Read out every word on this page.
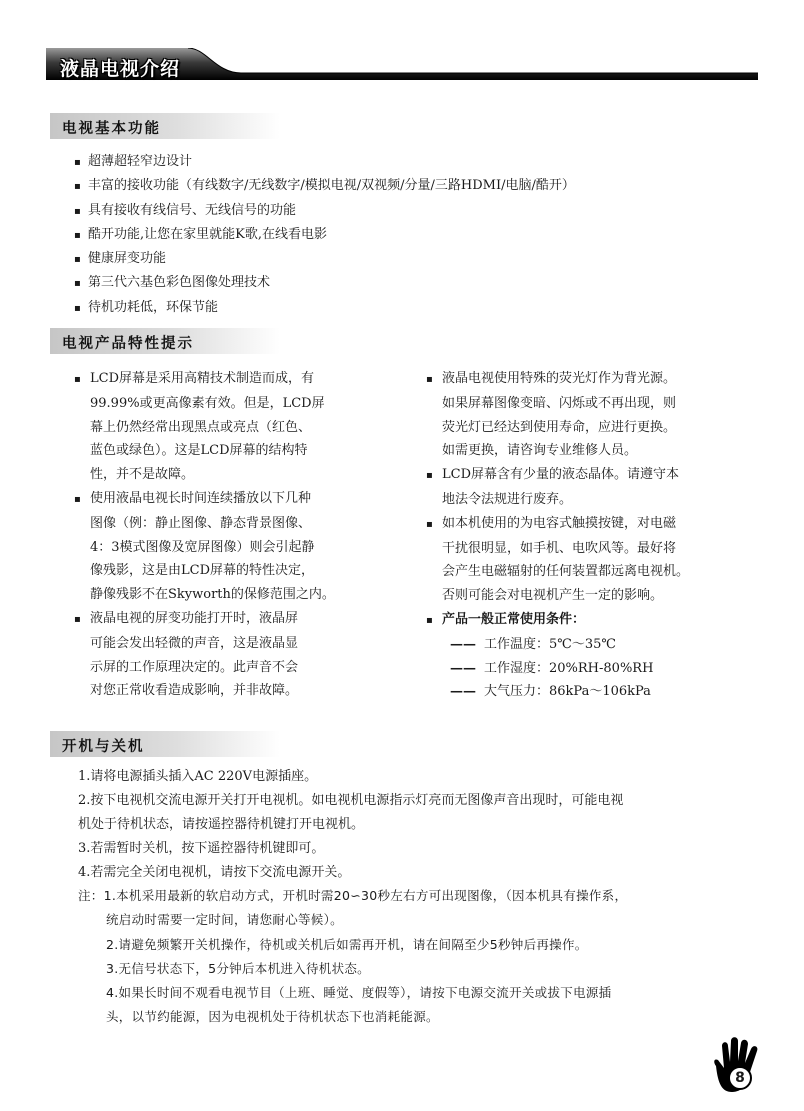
液晶电视介绍
电视基本功能
▪ 超薄超轻窄边设计
▪ 丰富的接收功能（有线数字/无线数字/模拟电视/双视频/分量/三路HDMI/电脑/酷开）
▪ 具有接收有线信号、无线信号的功能
▪ 酷开功能,让您在家里就能K歌,在线看电影
▪ 健康屏变功能
▪ 第三代六基色彩色图像处理技术
▪ 待机功耗低，环保节能
电视产品特性提示

▪ LCD屏幕是采用高精技术制造而成，有
99.99%或更高像素有效。但是，LCD屏
幕上仍然经常出现黑点或亮点（红色、
蓝色或绿色）。这是LCD屏幕的结构特
性，并不是故障。

▪ 使用液晶电视长时间连续播放以下几种
图像（例：静止图像、静态背景图像、
4：3模式图像及宽屏图像）则会引起静
像残影，这是由LCD屏幕的特性决定，
静像残影不在Skyworth的保修范围之内。

▪ 液晶电视的屏变功能打开时，液晶屏
可能会发出轻微的声音，这是液晶显
示屏的工作原理决定的。此声音不会
对您正常收看造成影响，并非故障。

▪ 液晶电视使用特殊的荧光灯作为背光源。
如果屏幕图像变暗、闪烁或不再出现，则
荧光灯已经达到使用寿命，应进行更换。
如需更换，请咨询专业维修人员。

▪ LCD屏幕含有少量的液态晶体。请遵守本
地法令法规进行废弃。

▪ 如本机使用的为电容式触摸按键，对电磁
干扰很明显，如手机、电吹风等。最好将
会产生电磁辐射的任何装置都远离电视机。
否则可能会对电视机产生一定的影响。

▪ 产品一般正常使用条件：

—— 工作温度：5℃～35℃
—— 工作湿度：20%RH-80%RH
—— 大气压力：86kPa～106kPa
开机与关机

1.请将电源插头插入AC 220V电源插座。

2.按下电视机交流电源开关打开电视机。如电视机电源指示灯亮而无图像声音出现时，可能电视

机处于待机状态，请按遥控器待机键打开电视机。

3.若需暂时关机，按下遥控器待机键即可。

4.若需完全关闭电视机，请按下交流电源开关。

注：1.本机采用最新的软启动方式，开机时需20∽30秒左右方可出现图像，（因本机具有操作系，

统启动时需要一定时间，请您耐心等候）。

2.请避免频繁开关机操作，待机或关机后如需再开机，请在间隔至少5秒钟后再操作。

3.无信号状态下，5分钟后本机进入待机状态。

4.如果长时间不观看电视节目（上班、睡觉、度假等），请按下电源交流开关或拔下电源插

头，以节约能源，因为电视机处于待机状态下也消耗能源。

8
